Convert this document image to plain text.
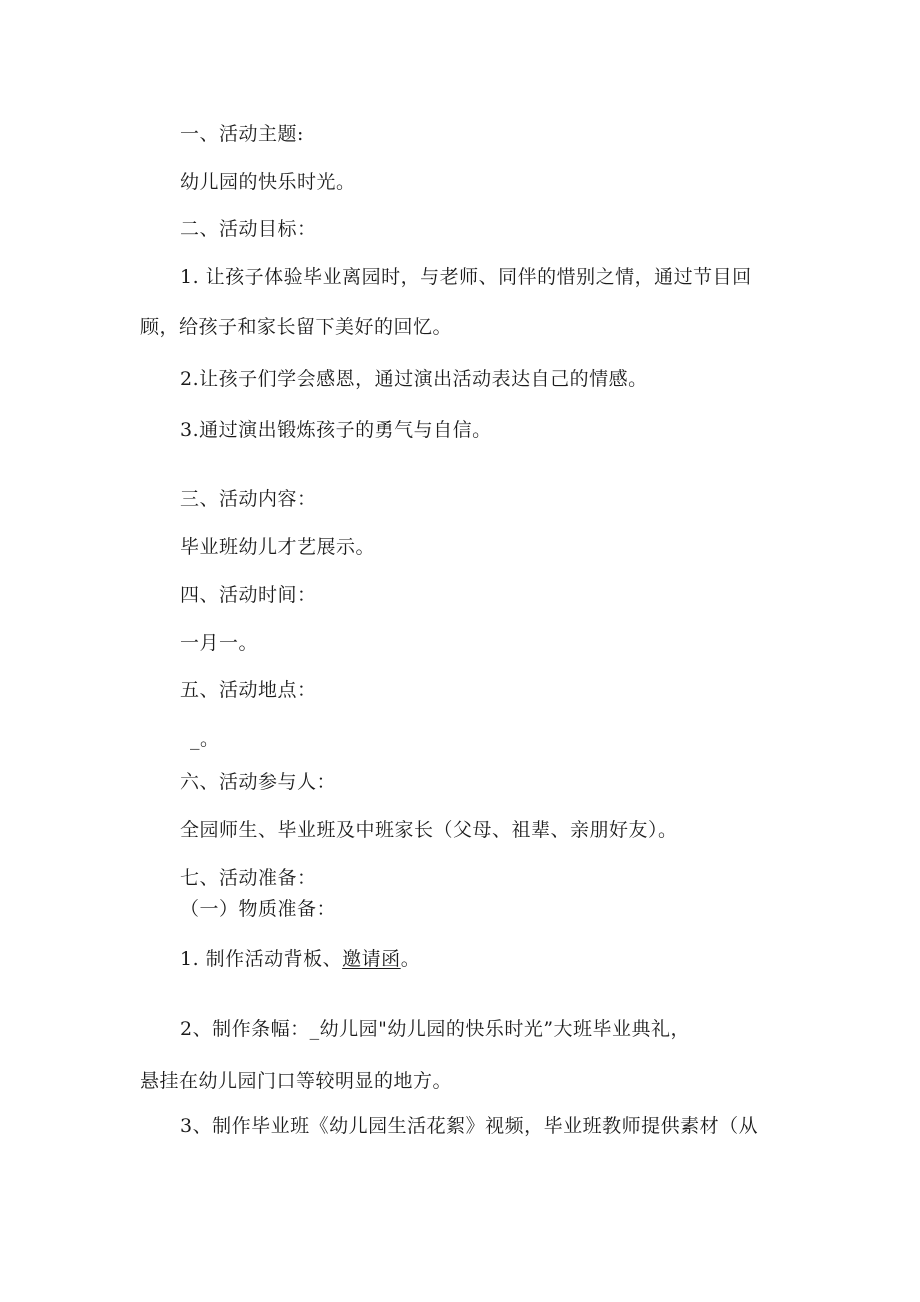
一、活动主题:
幼儿园的快乐时光。
二、活动目标：
1. 让孩子体验毕业离园时，与老师、同伴的惜别之情，通过节目回
顾，给孩子和家长留下美好的回忆。
2.让孩子们学会感恩，通过演出活动表达自己的情感。
3.通过演出锻炼孩子的勇气与自信。
三、活动内容：
毕业班幼儿才艺展示。
四、活动时间：
一月一。
五、活动地点：
_。
六、活动参与人：
全园师生、毕业班及中班家长（父母、祖辈、亲朋好友）。
七、活动准备：
（一）物质准备：
1. 制作活动背板、邀请函。
2、制作条幅：_幼儿园"幼儿园的快乐时光”大班毕业典礼，
悬挂在幼儿园门口等较明显的地方。
3、制作毕业班《幼儿园生活花絮》视频，毕业班教师提供素材（从
